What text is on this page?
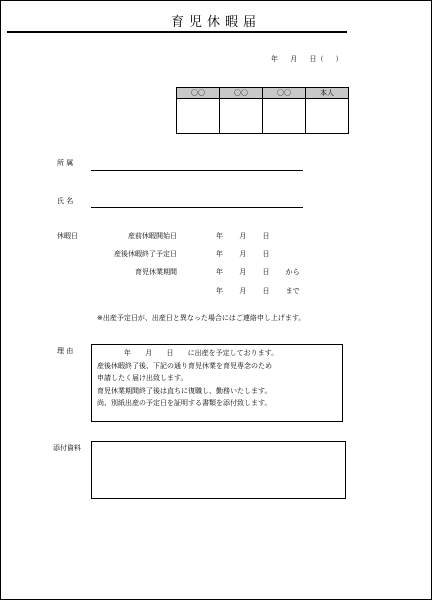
育児休暇届
年 月 日（ ）
〇〇	〇〇	〇〇	本人

所 属
氏 名
休暇日	産前休暇開始日	年 月 日
産後休暇終了予定日	年 月 日
育児休業期間	年 月 日 から
年 月 日 まで
※出産予定日が、出産日と異なった場合にはご連絡申し上げます。
理 由	年 月 日 に出産を予定しております。
産後休暇終了後、下記の通り育児休業を育児専念のため
申請したく届け出致します。
育児休業期間終了後は直ちに復職し、勤務いたします。
尚、別紙出産の予定日を証明する書類を添付致します。
添付資料
